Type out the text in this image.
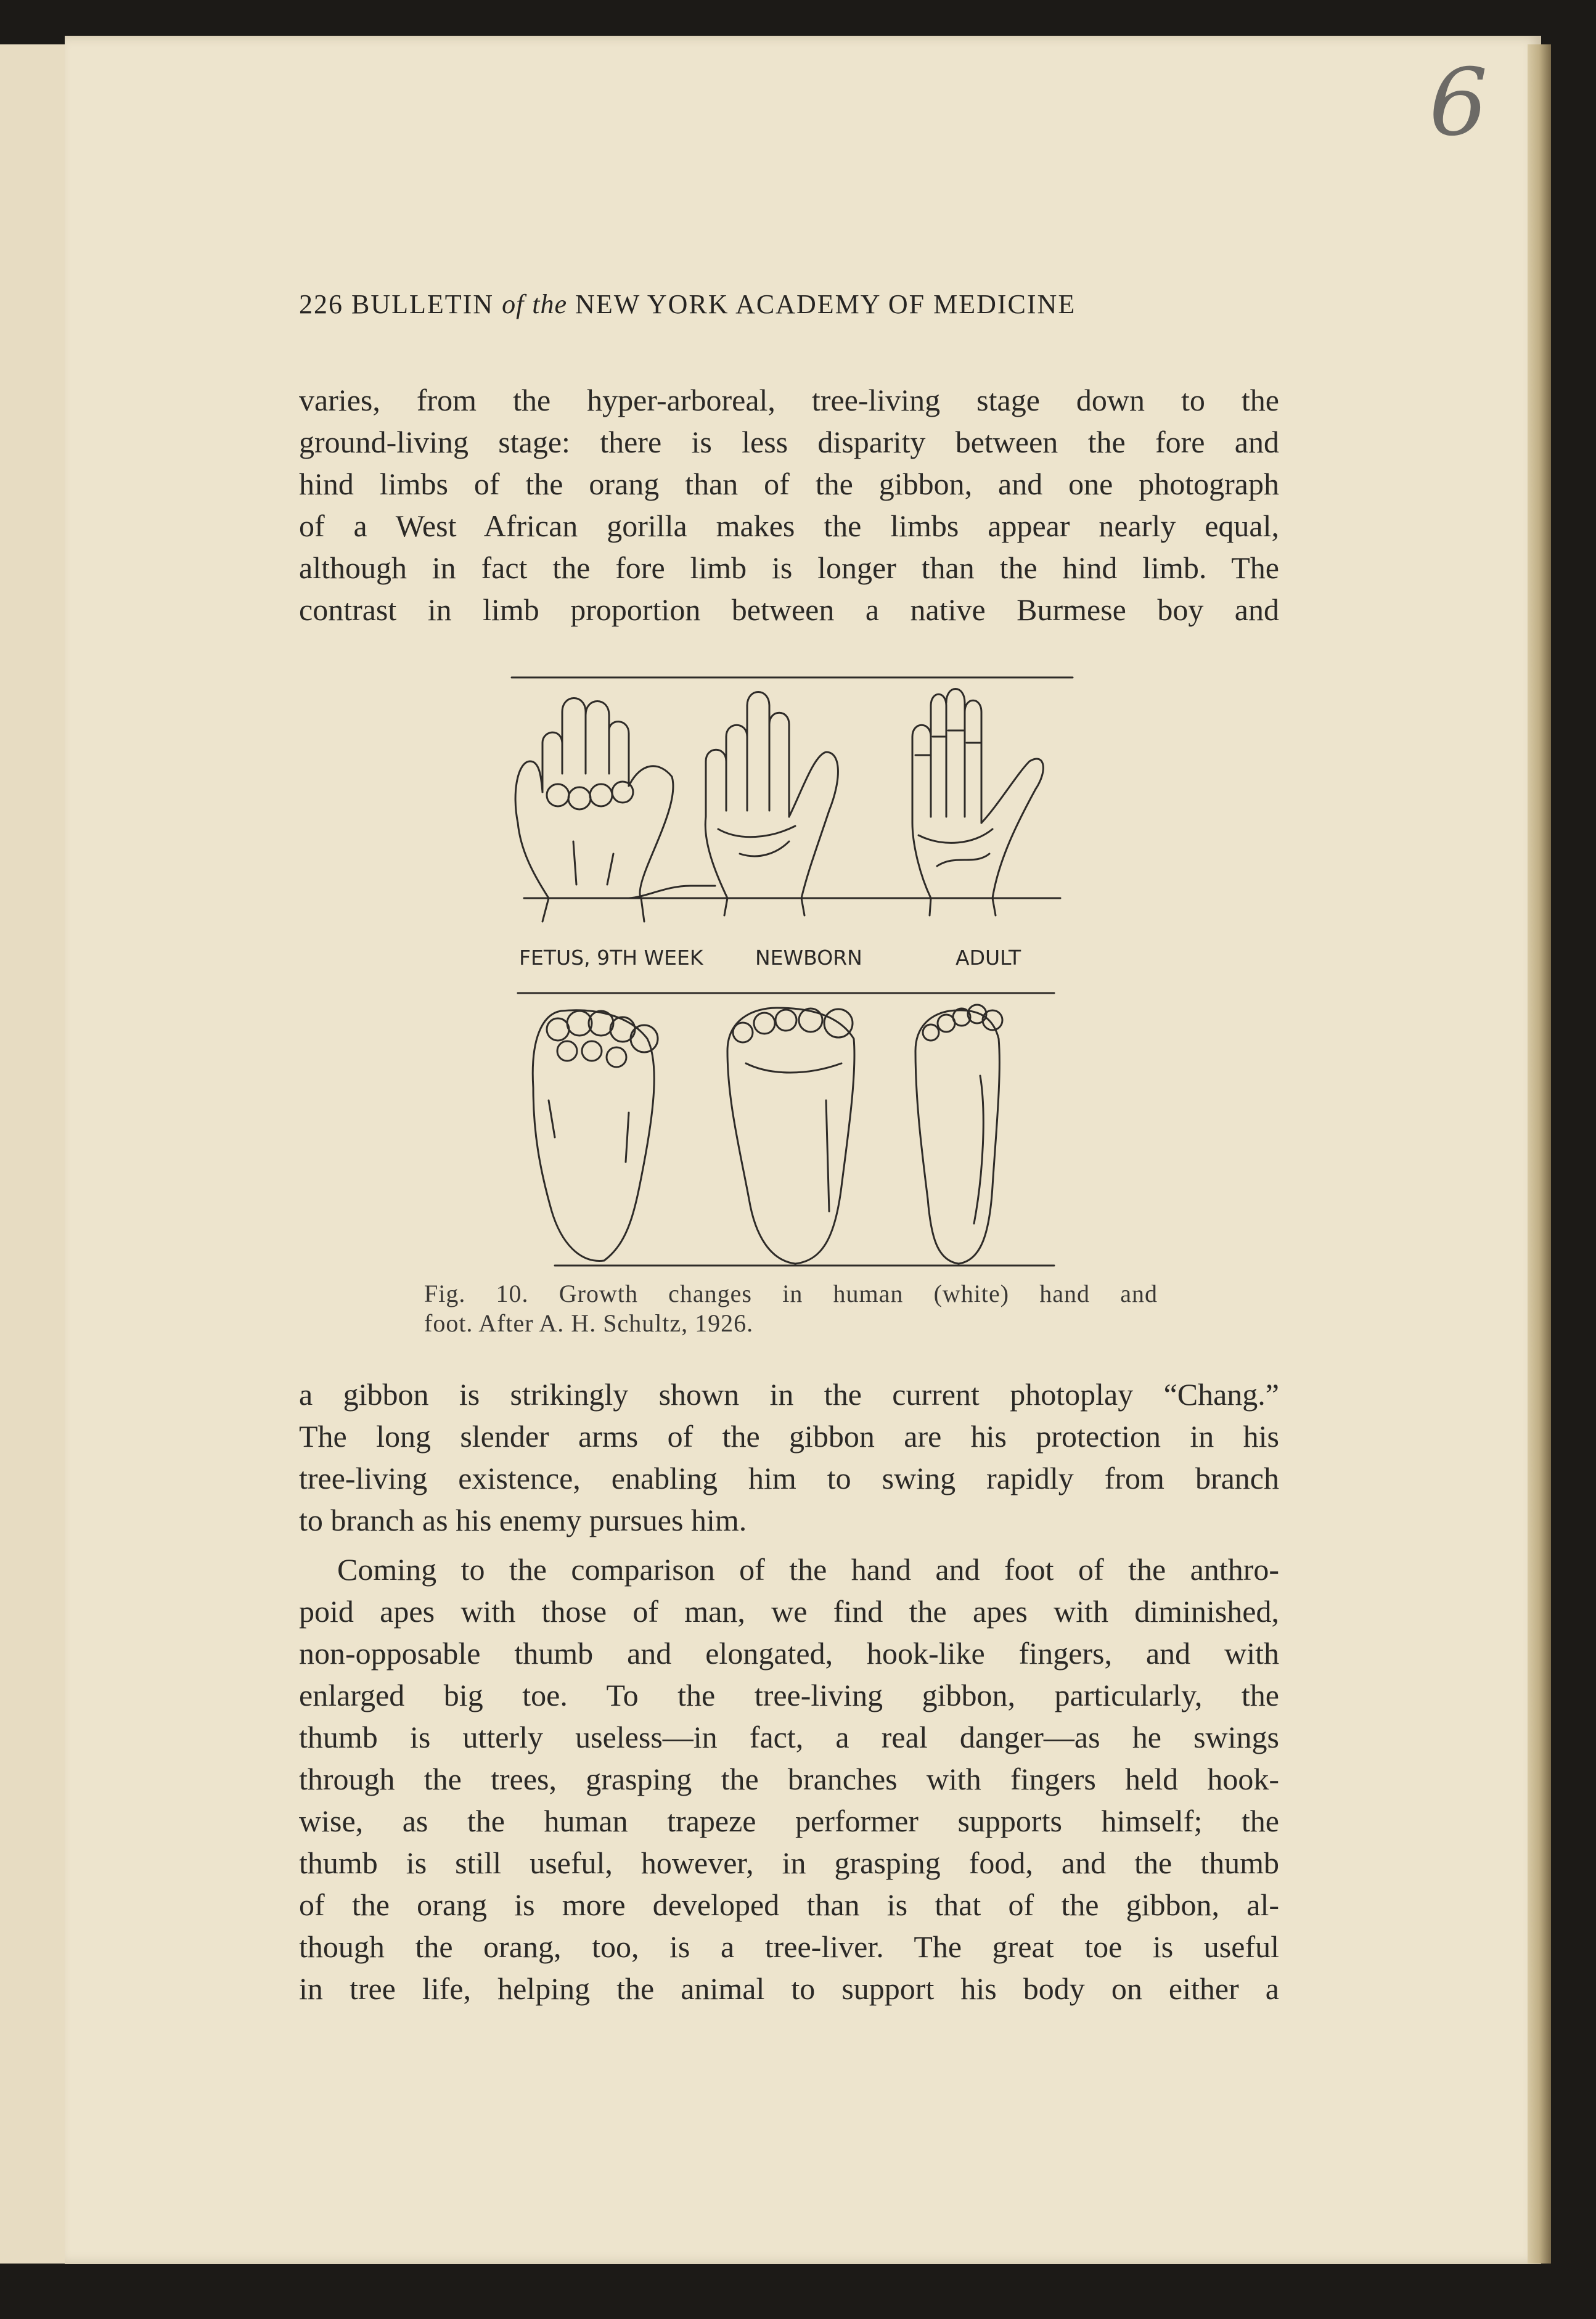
6
226 BULLETIN of the NEW YORK ACADEMY OF MEDICINE
varies, from the hyper-arboreal, tree-living stage down to the
ground-living stage: there is less disparity between the fore and
hind limbs of the orang than of the gibbon, and one photograph
of a West African gorilla makes the limbs appear nearly equal,
although in fact the fore limb is longer than the hind limb. The
contrast in limb proportion between a native Burmese boy and
FETUS, 9TH WEEK	NEWBORN	ADULT
Fig. 10. Growth changes in human (white) hand and
foot. After A. H. Schultz, 1926.
a gibbon is strikingly shown in the current photoplay “Chang.”
The long slender arms of the gibbon are his protection in his
tree-living existence, enabling him to swing rapidly from branch
to branch as his enemy pursues him.
Coming to the comparison of the hand and foot of the anthro-
poid apes with those of man, we find the apes with diminished,
non-opposable thumb and elongated, hook-like fingers, and with
enlarged big toe. To the tree-living gibbon, particularly, the
thumb is utterly useless—in fact, a real danger—as he swings
through the trees, grasping the branches with fingers held hook-
wise, as the human trapeze performer supports himself; the
thumb is still useful, however, in grasping food, and the thumb
of the orang is more developed than is that of the gibbon, al-
though the orang, too, is a tree-liver. The great toe is useful
in tree life, helping the animal to support his body on either a
